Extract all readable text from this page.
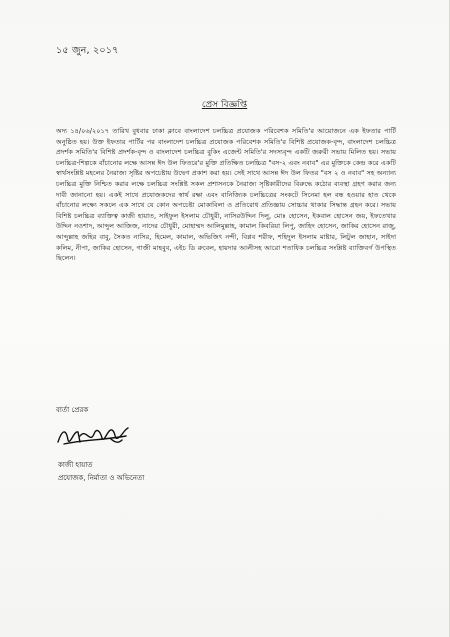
১৫ জুন, ২০১৭
প্রেস বিজ্ঞপ্তি

অদ্য ১৪/০৬/২০১৭ তারিখ বুধবার ঢাকা ক্লাবে বাংলাদেশ চলচ্চিত্র প্রযোজক পরিবেশক সমিতি'র আয়োজনে এক ইফতার পার্টি অনুষ্ঠিত হয়। উক্ত ইফতার পার্টির পর বাংলাদেশ চলচ্চিত্র প্রযোজক পরিবেশক সমিতি'র বিশিষ্ট প্রযোজক-বৃন্দ, বাংলাদেশ চলচ্চিত্র প্রদর্শক সমিতি'র বিশিষ্ট প্রদর্শক-বৃন্দ ও বাংলাদেশ চলচ্চিত্র বুকিং এজেন্ট সমিতি'র সদস্যবৃন্দ একটি জরুরী সভায় মিলিত হয়। সভায় চলচ্চিত্র-শিল্পকে বাঁচানোর লক্ষে আসন্ন ঈদ উল ফিতরে'র মুক্তি প্রতিক্ষিত চলচ্চিত্র "বস-২ এবং নবাব" এর মুক্তিকে কেন্দ্র করে একটি স্বার্থসংশ্লিষ্ট মহলের নৈরাজ্য সৃষ্টির অপচেষ্টায় উদ্বেগ প্রকাশ করা হয়। সেই সাথে আসন্ন ঈদ উল ফিতর "বস ২ ও নবাব" সহ অন্যান্য চলচ্চিত্র মুক্তি নিশ্চিত করার লক্ষে চলচ্চিত্র সংশ্লিষ্ট সকল প্রশাসনকে নৈরাজ্য সৃষ্টিকারীদের বিরুদ্ধে কঠোর ব্যবস্থা গ্রহণ করার জন্য দাবী জানানো হয়। একই সাথে প্রযোজকদের স্বার্থ রক্ষা এবং বানিজ্যিক চলচ্চিত্রের সংকটে সিনেমা হল বন্ধ হওয়ার হাত থেকে বাঁচানোর লক্ষ্যে সকলে এক সাথে যে কোন অপচেষ্টা মোকাবিলা ও প্রতিরোধ প্রতিজ্ঞায় সোচ্চার থাকার সিদ্ধান্ত গ্রহন করে। সভায় বিশিষ্ট চলচ্চিত্র ব্যাক্তিত্ব কাজী হায়াত, সাইফুল ইসলাম চৌধুরী, নাসিরউদ্দিন দিলু, মোঃ হোসেন, ইকবাল হোসেন জয়, ইফতেখার উদ্দিন নওশাদ, আব্দুল আজিজ, নাদের চৌধুরী, মোহাম্মদ আলিমুল্লাহ, কামাল কিবরিয়া লিপু, জাহিদ হোসেন, জাকির হোসেন রাজু, আব্দুল্লাহ জহির বাবু, সৈকত নাসির, হিমেল, কামাল, অভিজিৎ নন্দী, বিপ্লব শরীফ, শহিদুল ইসলাম মাষ্টার, লিটুল জাহান, সাইদা কলিম, নীপা, জাকির হোসেন, গাজী মাহবুব, এইচ ডি রুবেল, হায়দার আলীসহ আরো শতাধিক চলচ্চিত্র সংশ্লিষ্ট ব্যাক্তিবর্গ উপস্থিত ছিলেন।

বার্তা প্রেরক
কাজী হায়াত
প্রযোজক, নির্মাতা ও অভিনেতা
